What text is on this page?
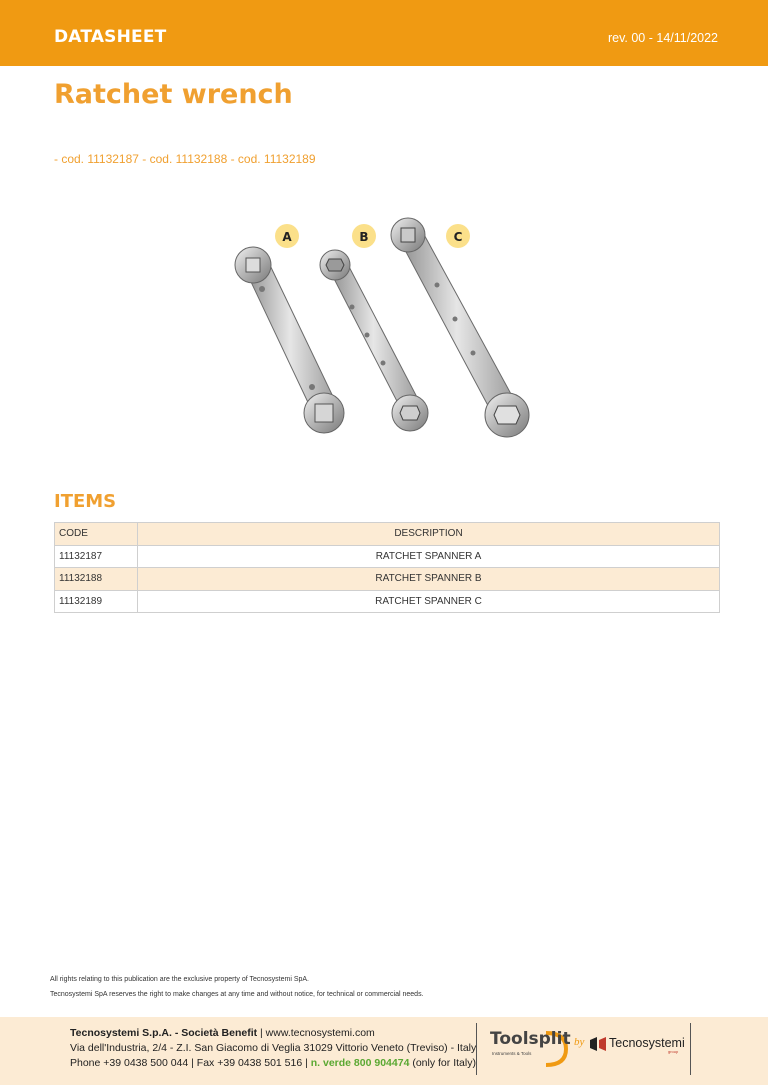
DATASHEET	rev. 00 - 14/11/2022
Ratchet wrench
- cod. 11132187 - cod. 11132188 - cod. 11132189
A	B	C
ITEMS
CODE	DESCRIPTION
11132187	RATCHET SPANNER A
11132188	RATCHET SPANNER B
11132189	RATCHET SPANNER C
All rights relating to this publication are the exclusive property of Tecnosystemi SpA.
Tecnosystemi SpA reserves the right to make changes at any time and without notice, for technical or commercial needs.
Tecnosystemi S.p.A. - Società Benefit | www.tecnosystemi.com
Via dell'Industria, 2/4 - Z.I. San Giacomo di Veglia 31029 Vittorio Veneto (Treviso) - Italy
Phone +39 0438 500 044 | Fax +39 0438 501 516 | n. verde 800 904474 (only for Italy)
Toolsplit
Instruments & Tools
by Tecnosystemi
group
